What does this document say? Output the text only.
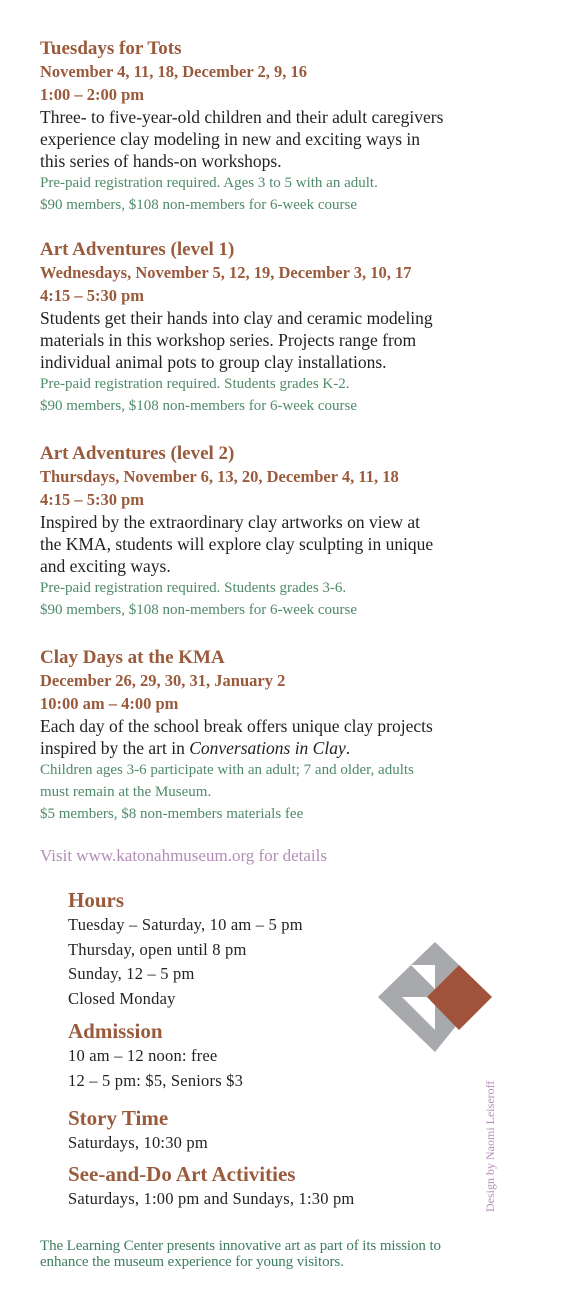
Tuesdays for Tots

November 4, 11, 18, December 2, 9, 16

1:00 – 2:00 pm

Three- to five-year-old children and their adult caregivers

experience clay modeling in new and exciting ways in

this series of hands-on workshops.

Pre-paid registration required. Ages 3 to 5 with an adult.

$90 members, $108 non-members for 6-week course

Art Adventures (level 1)

Wednesdays, November 5, 12, 19, December 3, 10, 17

4:15 – 5:30 pm

Students get their hands into clay and ceramic modeling

materials in this workshop series. Projects range from

individual animal pots to group clay installations.

Pre-paid registration required. Students grades K-2.

$90 members, $108 non-members for 6-week course

Art Adventures (level 2)

Thursdays, November 6, 13, 20, December 4, 11, 18

4:15 – 5:30 pm

Inspired by the extraordinary clay artworks on view at

the KMA, students will explore clay sculpting in unique

and exciting ways.

Pre-paid registration required. Students grades 3-6.

$90 members, $108 non-members for 6-week course

Clay Days at the KMA

December 26, 29, 30, 31, January 2

10:00 am – 4:00 pm

Each day of the school break offers unique clay projects

inspired by the art in Conversations in Clay.

Children ages 3-6 participate with an adult; 7 and older, adults

must remain at the Museum.

$5 members, $8 non-members materials fee

Visit www.katonahmuseum.org for details

Hours

Tuesday – Saturday, 10 am – 5 pm

Thursday, open until 8 pm

Sunday, 12 – 5 pm

Closed Monday

Admission

10 am – 12 noon: free

12 – 5 pm: $5, Seniors $3

Story Time

Saturdays, 10:30 pm

See-and-Do Art Activities

Saturdays, 1:00 pm and Sundays, 1:30 pm	Design by Naomi Leiseroff
The Learning Center presents innovative art as part of its mission to
enhance the museum experience for young visitors.
